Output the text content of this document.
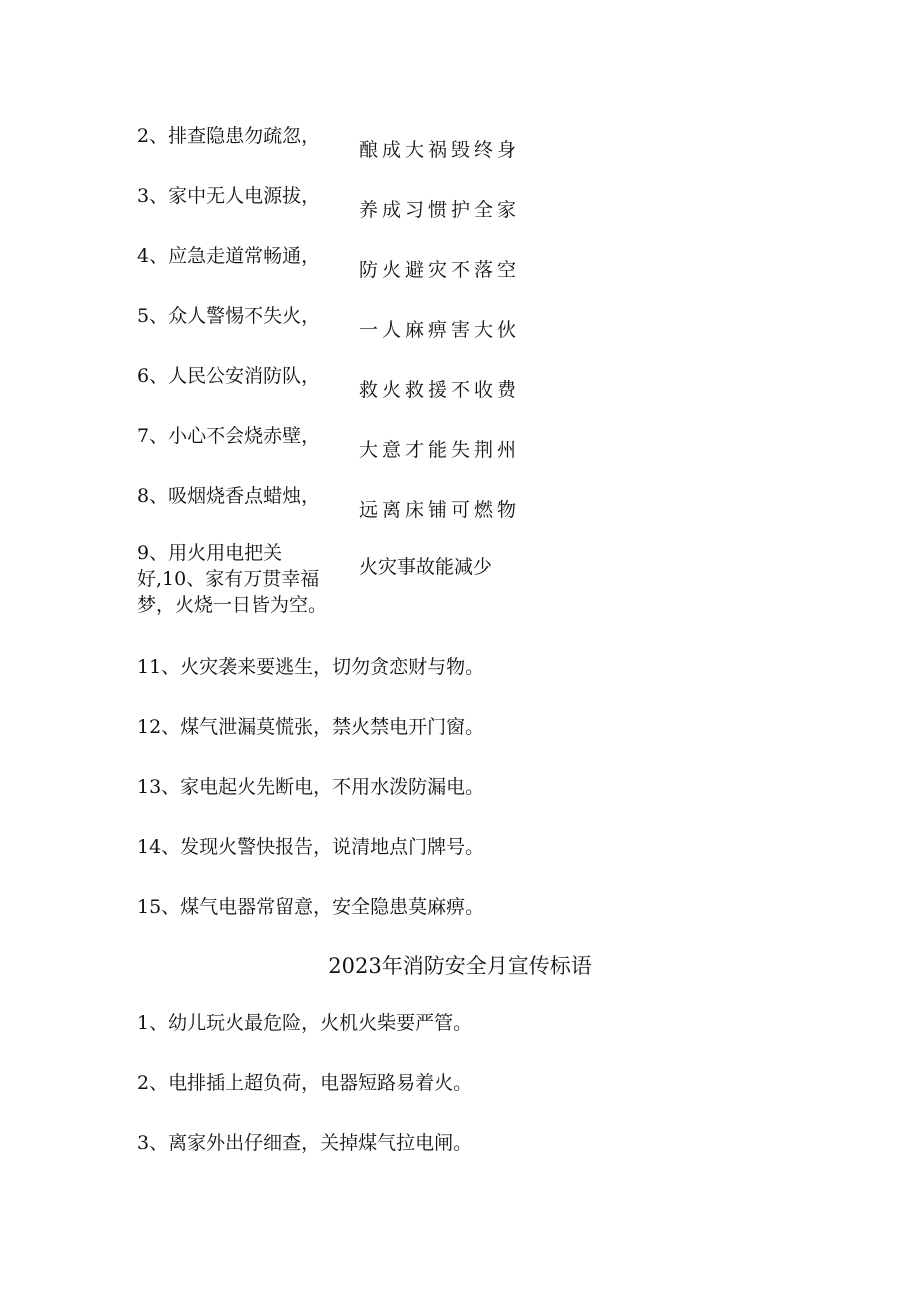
2、排查隐患勿疏忽，
酿成大祸毁终身
3、家中无人电源拔，
养成习惯护全家
4、应急走道常畅通，
防火避灾不落空
5、众人警惕不失火，
一人麻痹害大伙
6、人民公安消防队，
救火救援不收费
7、小心不会烧赤壁，
大意才能失荆州
8、吸烟烧香点蜡烛，
远离床铺可燃物
9、用火用电把关
好,10、家有万贯幸福
梦，火烧一日皆为空。
火灾事故能减少
11、火灾袭来要逃生，切勿贪恋财与物。
12、煤气泄漏莫慌张，禁火禁电开门窗。
13、家电起火先断电，不用水泼防漏电。
14、发现火警快报告，说清地点门牌号。
15、煤气电器常留意，安全隐患莫麻痹。
2023年消防安全月宣传标语
1、幼儿玩火最危险，火机火柴要严管。
2、电排插上超负荷，电器短路易着火。
3、离家外出仔细查，关掉煤气拉电闸。
